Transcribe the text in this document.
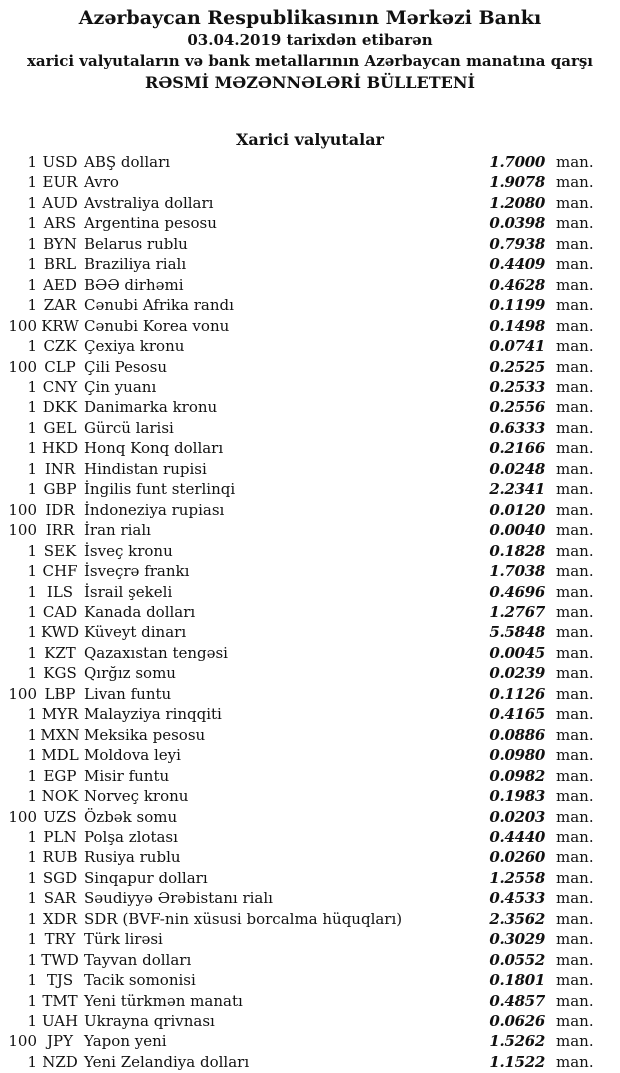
Azərbaycan Respublikasının Mərkəzi Bankı
03.04.2019 tarixdən etibarən
xarici valyutaların və bank metallarının Azərbaycan manatına qarşı
RƏSMİ MƏZƏNNƏLƏRİ BÜLLETENİ
Xarici valyutalar
1 USD ABŞ dolları	1.7000 man.
1 EUR Avro	1.9078 man.
1 AUD Avstraliya dolları	1.2080 man.
1 ARS Argentina pesosu	0.0398 man.
1 BYN Belarus rublu	0.7938 man.
1 BRL Braziliya rialı	0.4409 man.
1 AED BƏƏ dirhəmi	0.4628 man.
1 ZAR Cənubi Afrika randı	0.1199 man.
100 KRW Cənubi Korea vonu	0.1498 man.
1 CZK Çexiya kronu	0.0741 man.
100 CLP Çili Pesosu	0.2525 man.
1 CNY Çin yuanı	0.2533 man.
1 DKK Danimarka kronu	0.2556 man.
1 GEL Gürcü larisi	0.6333 man.
1 HKD Honq Konq dolları	0.2166 man.
1 INR Hindistan rupisi	0.0248 man.
1 GBP İngilis funt sterlinqi	2.2341 man.
100 IDR İndoneziya rupiası	0.0120 man.
100 IRR İran rialı	0.0040 man.
1 SEK İsveç kronu	0.1828 man.
1 CHF İsveçrə frankı	1.7038 man.
1 ILS İsrail şekeli	0.4696 man.
1 CAD Kanada dolları	1.2767 man.
1 KWD Küveyt dinarı	5.5848 man.
1 KZT Qazaxıstan tengəsi	0.0045 man.
1 KGS Qırğız somu	0.0239 man.
100 LBP Livan funtu	0.1126 man.
1 MYR Malayziya rinqqiti	0.4165 man.
1 MXN Meksika pesosu	0.0886 man.
1 MDL Moldova leyi	0.0980 man.
1 EGP Misir funtu	0.0982 man.
1 NOK Norveç kronu	0.1983 man.
100 UZS Özbək somu	0.0203 man.
1 PLN Polşa zlotası	0.4440 man.
1 RUB Rusiya rublu	0.0260 man.
1 SGD Sinqapur dolları	1.2558 man.
1 SAR Səudiyyə Ərəbistanı rialı	0.4533 man.
1 XDR SDR (BVF-nin xüsusi borcalma hüquqları)	2.3562 man.
1 TRY Türk lirəsi	0.3029 man.
1 TWD Tayvan dolları	0.0552 man.
1 TJS Tacik somonisi	0.1801 man.
1 TMT Yeni türkmən manatı	0.4857 man.
1 UAH Ukrayna qrivnası	0.0626 man.
100 JPY Yapon yeni	1.5262 man.
1 NZD Yeni Zelandiya dolları	1.1522 man.
